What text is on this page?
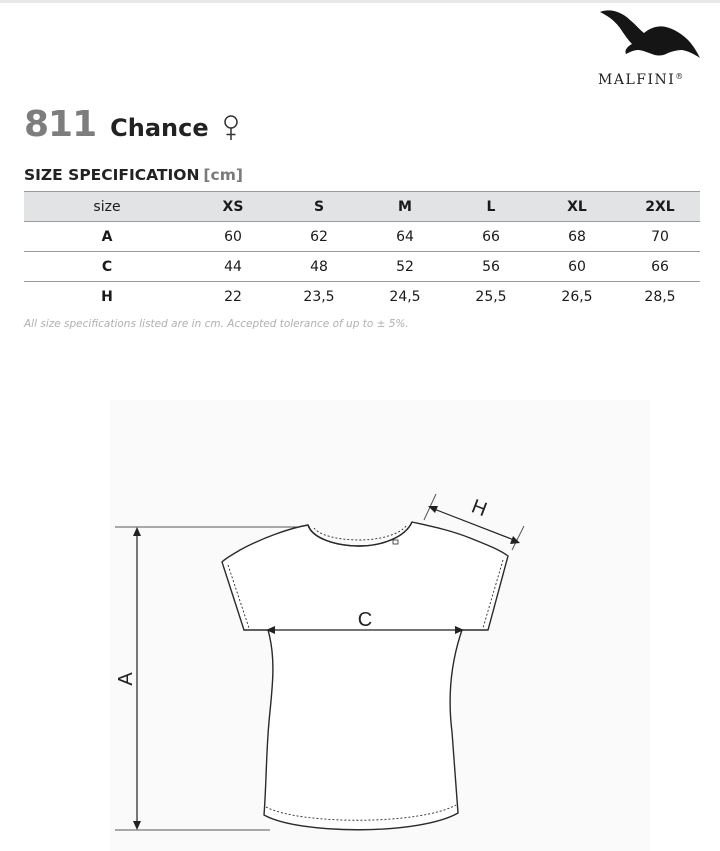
MALFINI®
811 Chance
SIZE SPECIFICATION [cm]
size	XS	S	M	L	XL	2XL
A	60	62	64	66	68	70
C	44	48	52	56	60	66
H	22	23,5	24,5	25,5	26,5	28,5
All size specifications listed are in cm. Accepted tolerance of up to ± 5%.
A
H
C
